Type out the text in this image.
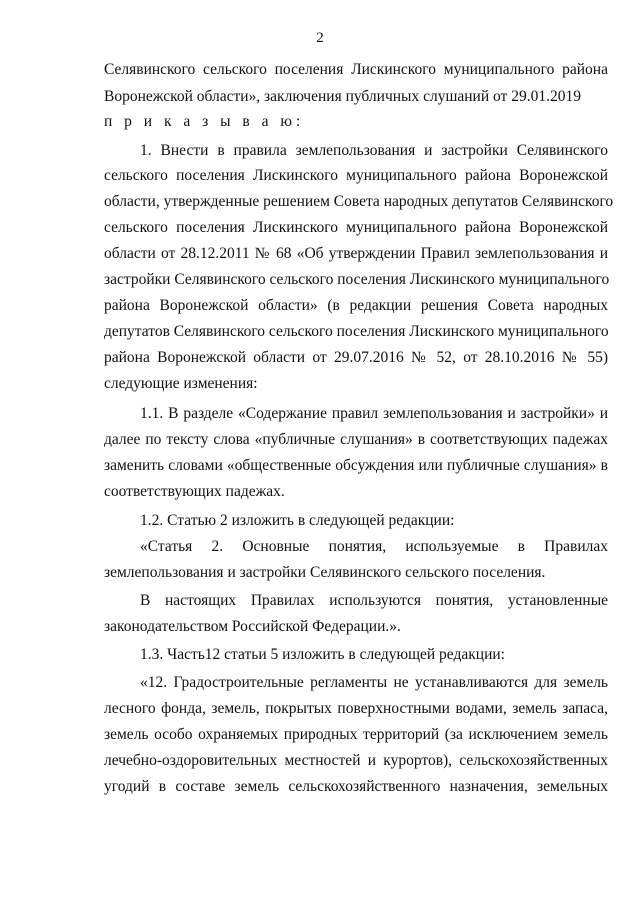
2
Селявинского сельского поселения Лискинского муниципального района
Воронежской области», заключения публичных слушаний от 29.01.2019
п р и к а з ы в а ю:
1. Внести в правила землепользования и застройки Селявинского
сельского поселения Лискинского муниципального района Воронежской
области, утвержденные решением Совета народных депутатов Селявинского
сельского поселения Лискинского муниципального района Воронежской
области от 28.12.2011 № 68 «Об утверждении Правил землепользования и
застройки Селявинского сельского поселения Лискинского муниципального
района Воронежской области» (в редакции решения Совета народных
депутатов Селявинского сельского поселения Лискинского муниципального
района Воронежской области от 29.07.2016 № 52, от 28.10.2016 № 55)
следующие изменения:
1.1. В разделе «Содержание правил землепользования и застройки» и
далее по тексту слова «публичные слушания» в соответствующих падежах
заменить словами «общественные обсуждения или публичные слушания» в
соответствующих падежах.
1.2. Статью 2 изложить в следующей редакции:
«Статья 2. Основные понятия, используемые в Правилах
землепользования и застройки Селявинского сельского поселения.
В настоящих Правилах используются понятия, установленные
законодательством Российской Федерации.».
1.3. Часть12 статьи 5 изложить в следующей редакции:
«12. Градостроительные регламенты не устанавливаются для земель
лесного фонда, земель, покрытых поверхностными водами, земель запаса,
земель особо охраняемых природных территорий (за исключением земель
лечебно-оздоровительных местностей и курортов), сельскохозяйственных
угодий в составе земель сельскохозяйственного назначения, земельных
